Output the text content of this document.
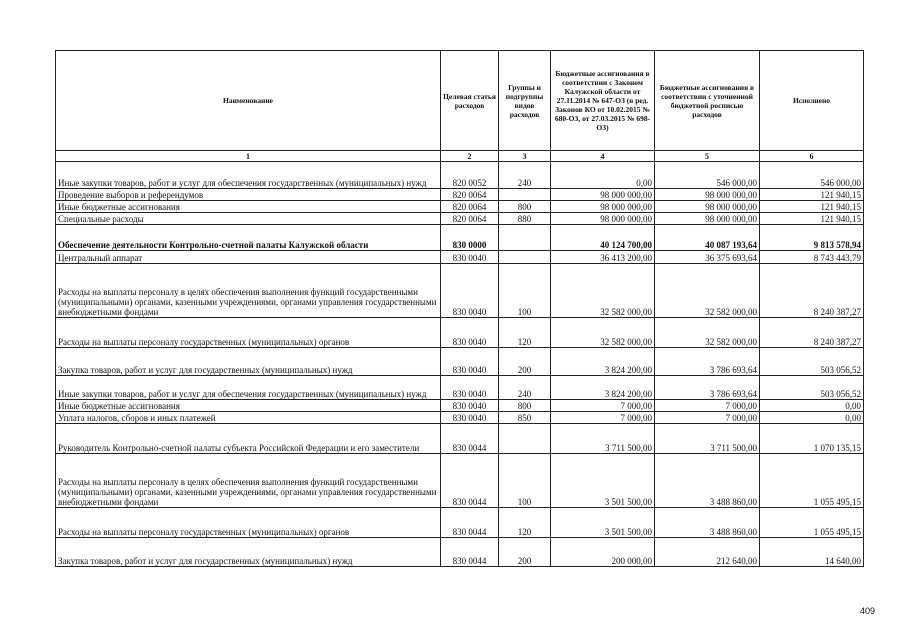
Наименование	Целевая статья расходов	Группы и подгруппы видов расходов	Бюджетные ассигнования в соответствии с Законом Калужской области от 27.11.2014 № 647-ОЗ (в ред. Законов КО от 10.02.2015 № 680-ОЗ, от 27.03.2015 № 698-ОЗ)	Бюджетные ассигнования в соответствии с уточненной бюджетной росписью расходов	Исполнено
1	2	3	4	5	6
Иные закупки товаров, работ и услуг для обеспечения государственных (муниципальных) нужд	820 0052	240	0,00	546 000,00	546 000,00
Проведение выборов и референдумов	820 0064		98 000 000,00	98 000 000,00	121 940,15
Иные бюджетные ассигнования	820 0064	800	98 000 000,00	98 000 000,00	121 940,15
Специальные расходы	820 0064	880	98 000 000,00	98 000 000,00	121 940,15
Обеспечение деятельности Контрольно-счетной палаты Калужской области	830 0000		40 124 700,00	40 087 193,64	9 813 578,94
Центральный аппарат	830 0040		36 413 200,00	36 375 693,64	8 743 443,79
Расходы на выплаты персоналу в целях обеспечения выполнения функций государственными (муниципальными) органами, казенными учреждениями, органами управления государственными внебюджетными фондами	830 0040	100	32 582 000,00	32 582 000,00	8 240 387,27
Расходы на выплаты персоналу государственных (муниципальных) органов	830 0040	120	32 582 000,00	32 582 000,00	8 240 387,27
Закупка товаров, работ и услуг для государственных (муниципальных) нужд	830 0040	200	3 824 200,00	3 786 693,64	503 056,52
Иные закупки товаров, работ и услуг для обеспечения государственных (муниципальных) нужд	830 0040	240	3 824 200,00	3 786 693,64	503 056,52
Иные бюджетные ассигнования	830 0040	800	7 000,00	7 000,00	0,00
Уплата налогов, сборов и иных платежей	830 0040	850	7 000,00	7 000,00	0,00
Руководитель Контрольно-счетной палаты субъекта Российской Федерации и его заместители	830 0044		3 711 500,00	3 711 500,00	1 070 135,15
Расходы на выплаты персоналу в целях обеспечения выполнения функций государственными (муниципальными) органами, казенными учреждениями, органами управления государственными внебюджетными фондами	830 0044	100	3 501 500,00	3 488 860,00	1 055 495,15
Расходы на выплаты персоналу государственных (муниципальных) органов	830 0044	120	3 501 500,00	3 488 860,00	1 055 495,15
Закупка товаров, работ и услуг для государственных (муниципальных) нужд	830 0044	200	200 000,00	212 640,00	14 640,00
409
